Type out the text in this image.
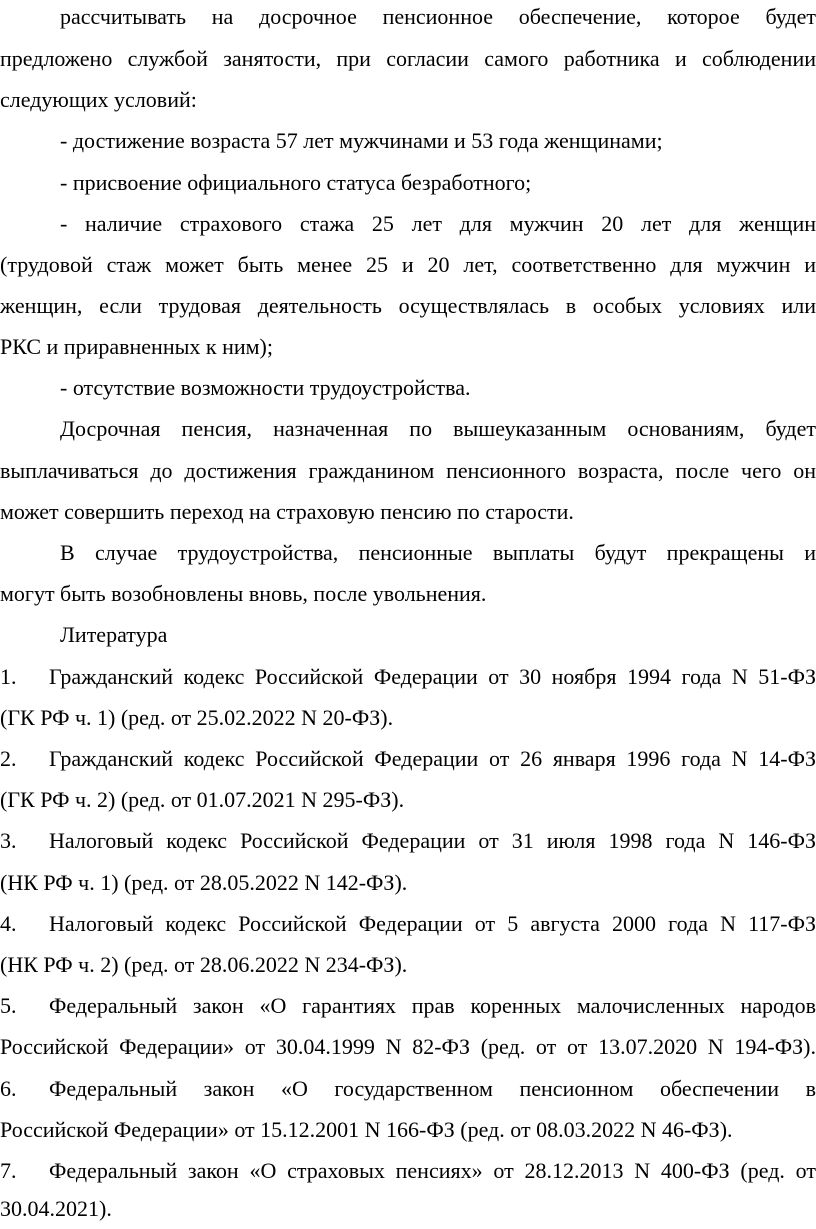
рассчитывать на досрочное пенсионное обеспечение, которое будет

предложено службой занятости, при согласии самого работника и соблюдении

следующих условий:

- достижение возраста 57 лет мужчинами и 53 года женщинами;

- присвоение официального статуса безработного;

- наличие страхового стажа 25 лет для мужчин 20 лет для женщин

(трудовой стаж может быть менее 25 и 20 лет, соответственно для мужчин и

женщин, если трудовая деятельность осуществлялась в особых условиях или

РКС и приравненных к ним);

- отсутствие возможности трудоустройства.

Досрочная пенсия, назначенная по вышеуказанным основаниям, будет

выплачиваться до достижения гражданином пенсионного возраста, после чего он

может совершить переход на страховую пенсию по старости.

В случае трудоустройства, пенсионные выплаты будут прекращены и

могут быть возобновлены вновь, после увольнения.

Литература

1.	Гражданский кодекс Российской Федерации от 30 ноября 1994 года N 51-ФЗ

(ГК РФ ч. 1) (ред. от 25.02.2022 N 20-ФЗ).

2.	Гражданский кодекс Российской Федерации от 26 января 1996 года N 14-ФЗ

(ГК РФ ч. 2) (ред. от 01.07.2021 N 295-ФЗ).

3.	Налоговый кодекс Российской Федерации от 31 июля 1998 года N 146-ФЗ

(НК РФ ч. 1) (ред. от 28.05.2022 N 142-ФЗ).

4.	Налоговый кодекс Российской Федерации от 5 августа 2000 года N 117-ФЗ

(НК РФ ч. 2) (ред. от 28.06.2022 N 234-ФЗ).

5.	Федеральный закон «О гарантиях прав коренных малочисленных народов

Российской Федерации» от 30.04.1999 N 82-ФЗ (ред. от от 13.07.2020 N 194-ФЗ).

6.	Федеральный закон «О государственном пенсионном обеспечении в

Российской Федерации» от 15.12.2001 N 166-ФЗ (ред. от 08.03.2022 N 46-ФЗ).

7.	Федеральный закон «О страховых пенсиях» от 28.12.2013 N 400-ФЗ (ред. от

30.04.2021).
